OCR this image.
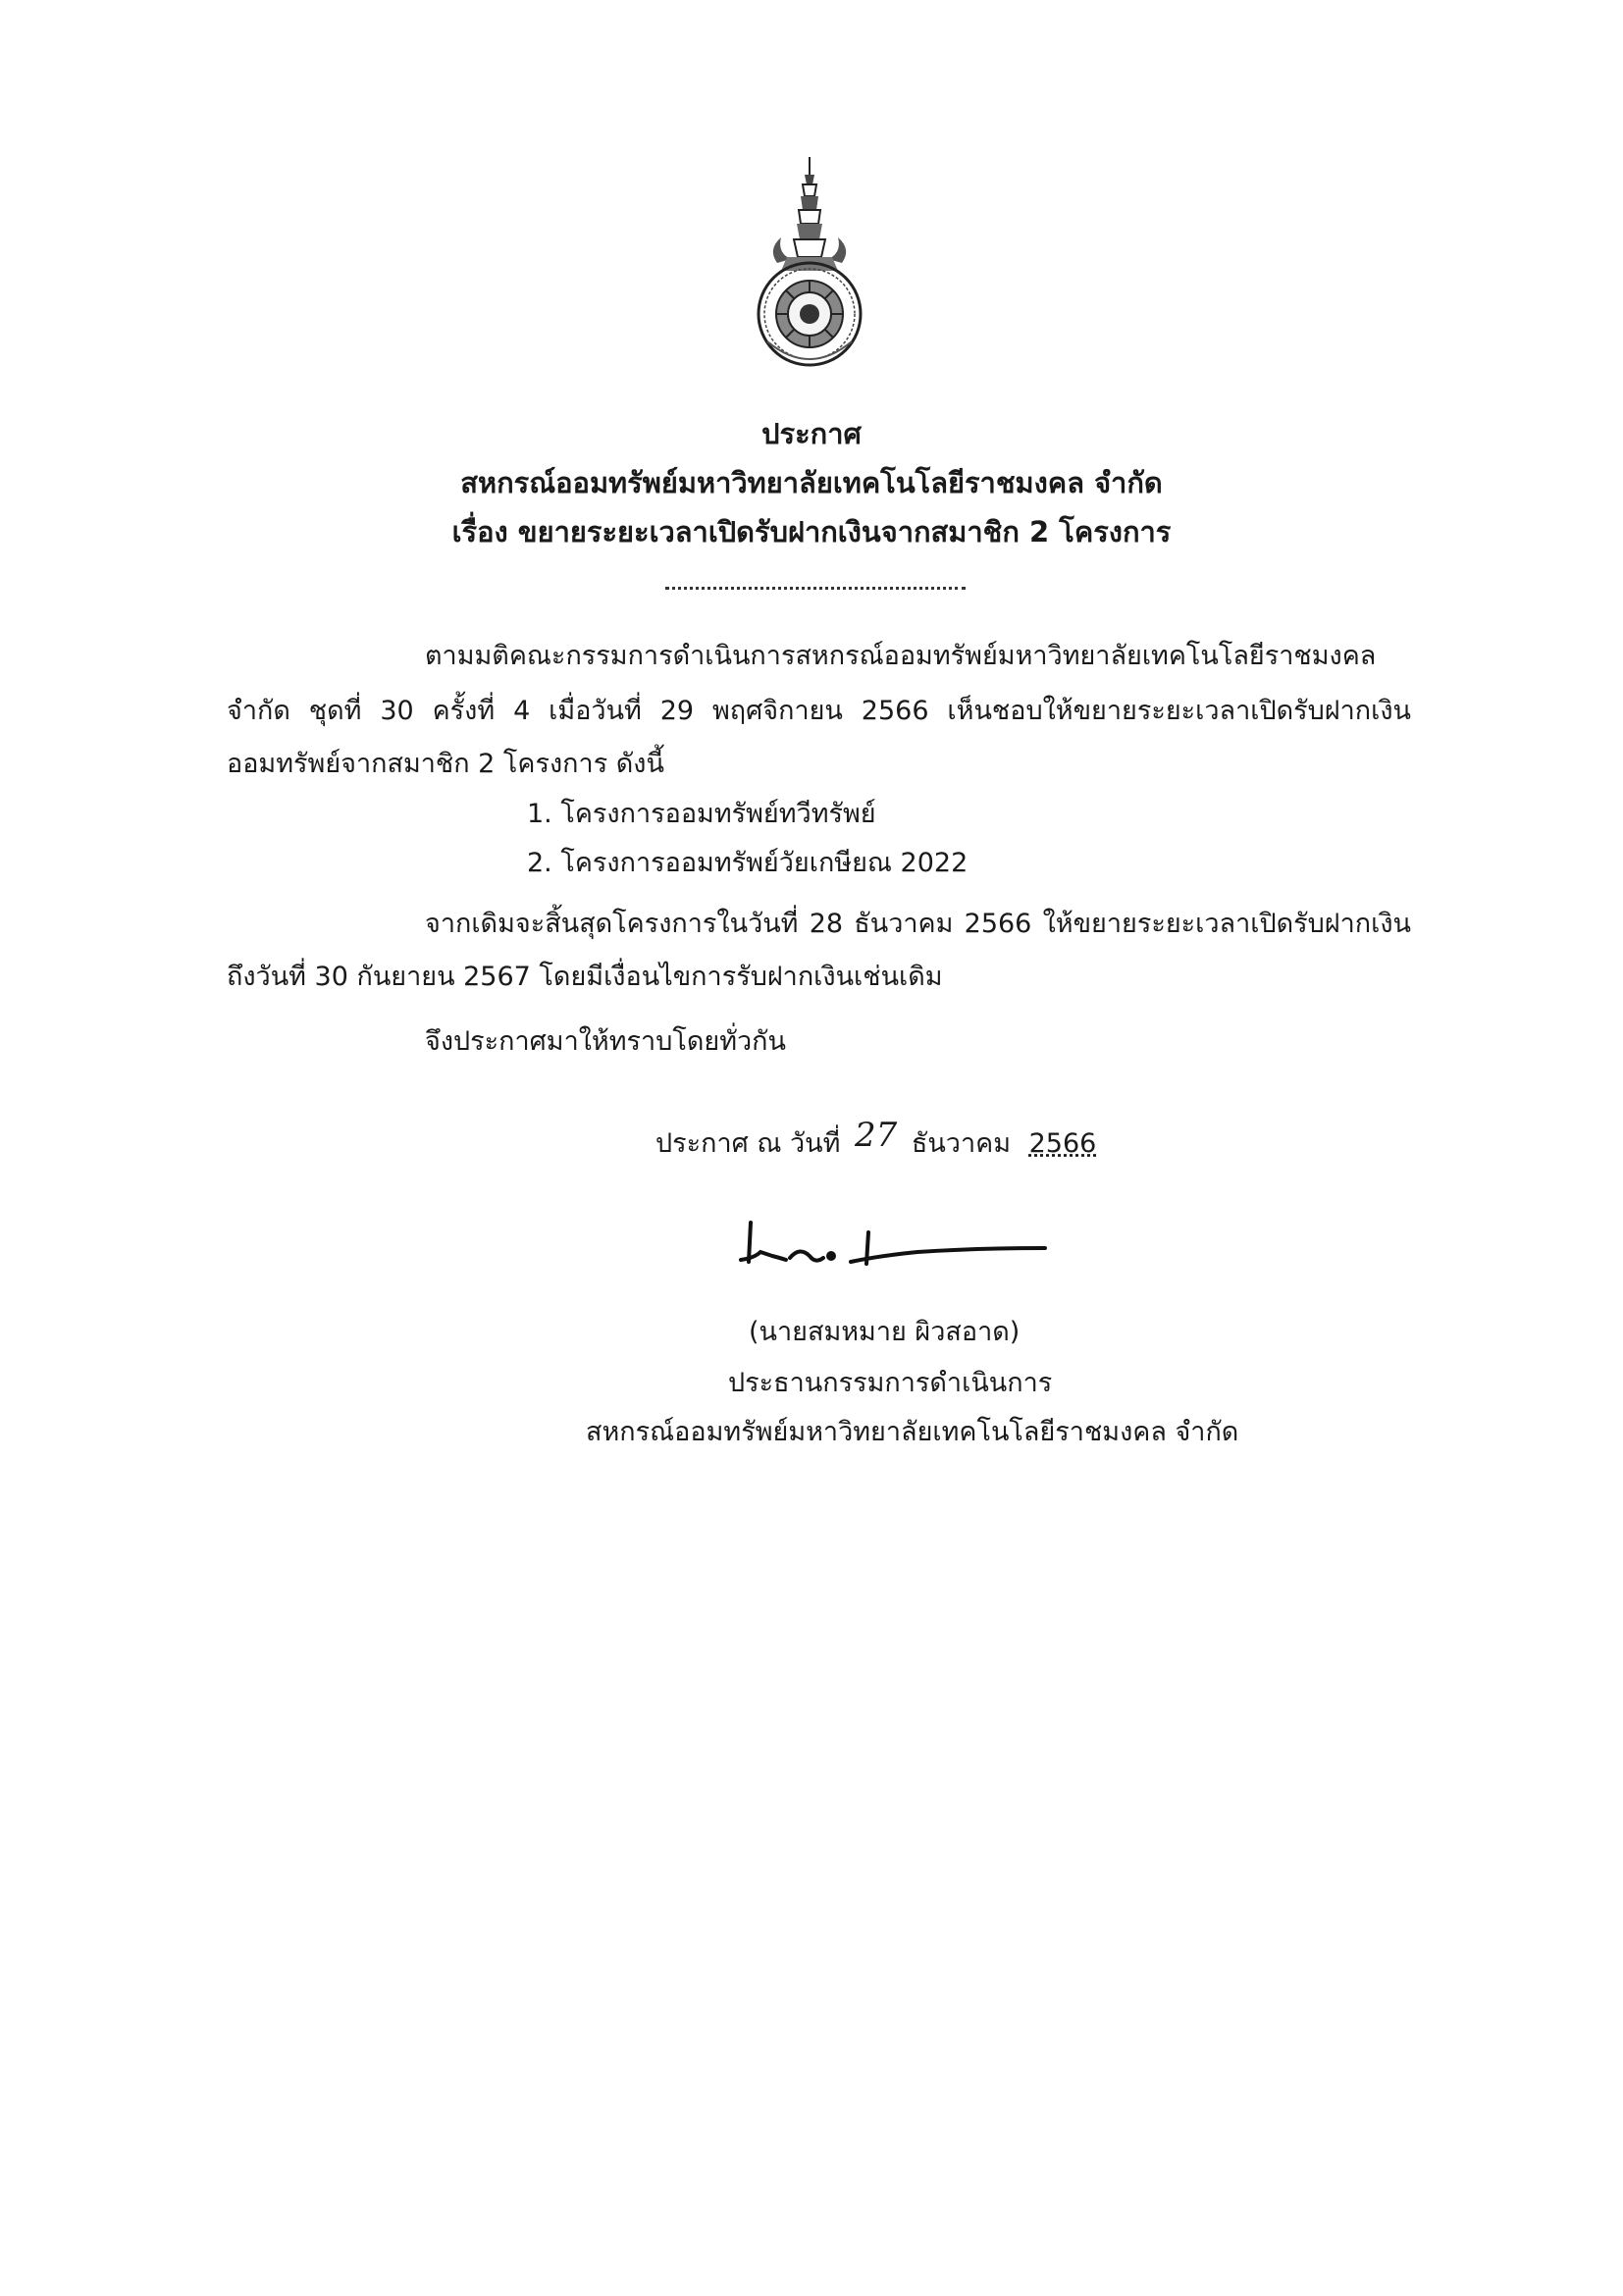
ประกาศ
สหกรณ์ออมทรัพย์มหาวิทยาลัยเทคโนโลยีราชมงคล จำกัด
เรื่อง ขยายระยะเวลาเปิดรับฝากเงินจากสมาชิก 2 โครงการ
ตามมติคณะกรรมการดำเนินการสหกรณ์ออมทรัพย์มหาวิทยาลัยเทคโนโลยีราชมงคล
จำกัด ชุดที่ 30 ครั้งที่ 4 เมื่อวันที่ 29 พฤศจิกายน 2566 เห็นชอบให้ขยายระยะเวลาเปิดรับฝากเงิน
ออมทรัพย์จากสมาชิก 2 โครงการ ดังนี้
1. โครงการออมทรัพย์ทวีทรัพย์
2. โครงการออมทรัพย์วัยเกษียณ 2022
จากเดิมจะสิ้นสุดโครงการในวันที่ 28 ธันวาคม 2566 ให้ขยายระยะเวลาเปิดรับฝากเงิน
ถึงวันที่ 30 กันยายน 2567 โดยมีเงื่อนไขการรับฝากเงินเช่นเดิม
จึงประกาศมาให้ทราบโดยทั่วกัน
ประกาศ ณ วันที่ 27 ธันวาคม 2566
(นายสมหมาย ผิวสอาด)
ประธานกรรมการดำเนินการ
สหกรณ์ออมทรัพย์มหาวิทยาลัยเทคโนโลยีราชมงคล จำกัด
